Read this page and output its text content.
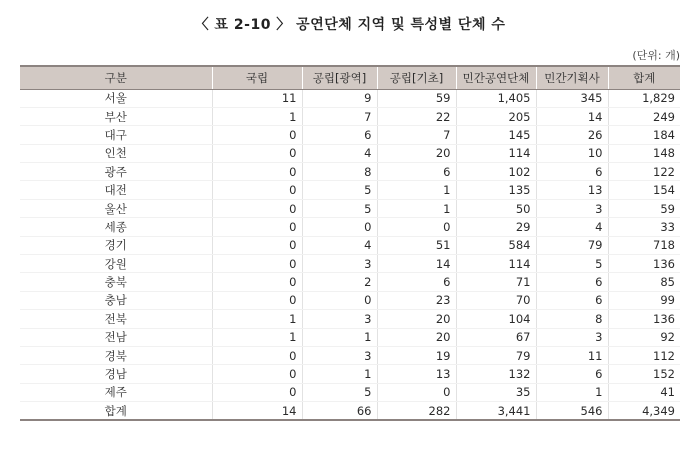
〈 표 2-10 〉 공연단체 지역 및 특성별 단체 수
(단위: 개)
구분	국립	공립[광역]	공립[기초]	민간공연단체	민간기획사	합계
서울	11	9	59	1,405	345	1,829
부산	1	7	22	205	14	249
대구	0	6	7	145	26	184
인천	0	4	20	114	10	148
광주	0	8	6	102	6	122
대전	0	5	1	135	13	154
울산	0	5	1	50	3	59
세종	0	0	0	29	4	33
경기	0	4	51	584	79	718
강원	0	3	14	114	5	136
충북	0	2	6	71	6	85
충남	0	0	23	70	6	99
전북	1	3	20	104	8	136
전남	1	1	20	67	3	92
경북	0	3	19	79	11	112
경남	0	1	13	132	6	152
제주	0	5	0	35	1	41
합계	14	66	282	3,441	546	4,349
